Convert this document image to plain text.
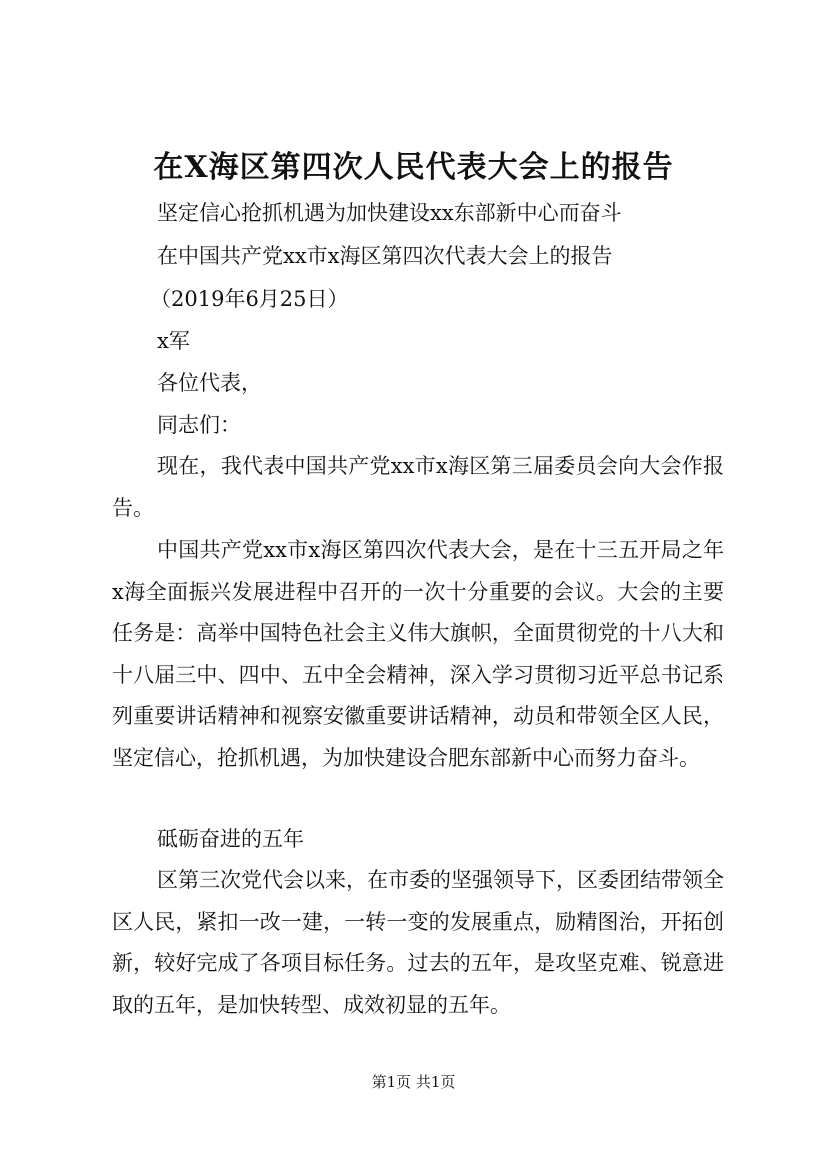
在X海区第四次人民代表大会上的报告
坚定信心抢抓机遇为加快建设xx东部新中心而奋斗
在中国共产党xx市x海区第四次代表大会上的报告
（2019年6月25日）
x军
各位代表，
同志们：

现在，我代表中国共产党xx市x海区第三届委员会向大会作报告。

中国共产党xx市x海区第四次代表大会，是在十三五开局之年x海全面振兴发展进程中召开的一次十分重要的会议。大会的主要任务是：高举中国特色社会主义伟大旗帜，全面贯彻党的十八大和十八届三中、四中、五中全会精神，深入学习贯彻习近平总书记系列重要讲话精神和视察安徽重要讲话精神，动员和带领全区人民，坚定信心，抢抓机遇，为加快建设合肥东部新中心而努力奋斗。

砥砺奋进的五年

区第三次党代会以来，在市委的坚强领导下，区委团结带领全区人民，紧扣一改一建，一转一变的发展重点，励精图治，开拓创新，较好完成了各项目标任务。过去的五年，是攻坚克难、锐意进取的五年，是加快转型、成效初显的五年。

第1页 共1页
